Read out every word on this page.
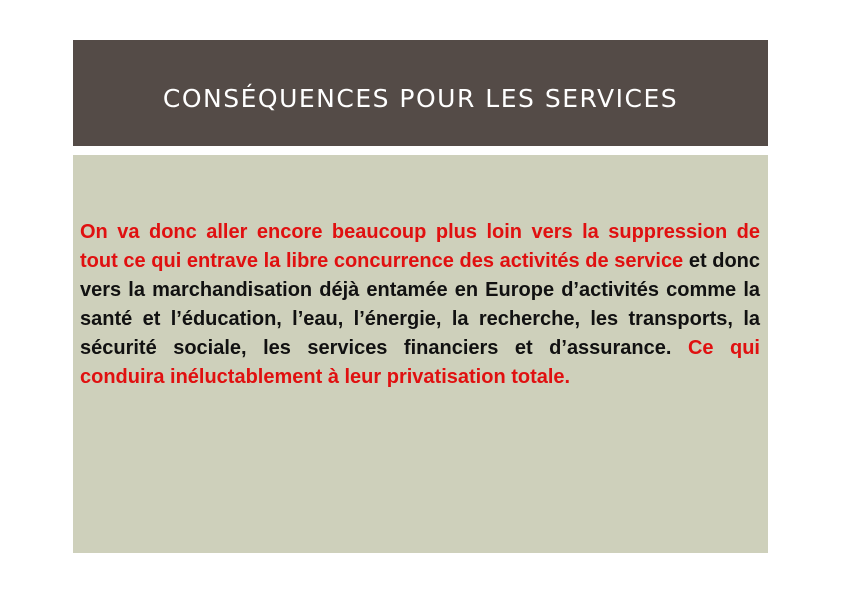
CONSÉQUENCES POUR LES SERVICES

On va donc aller encore beaucoup plus loin vers la suppression de tout ce qui entrave la libre concurrence des activités de service et donc vers la marchandisation déjà entamée en Europe d’activités comme la santé et l’éducation, l’eau, l’énergie, la recherche, les transports, la sécurité sociale, les services financiers et d’assurance. Ce qui conduira inéluctablement à leur privatisation totale.
